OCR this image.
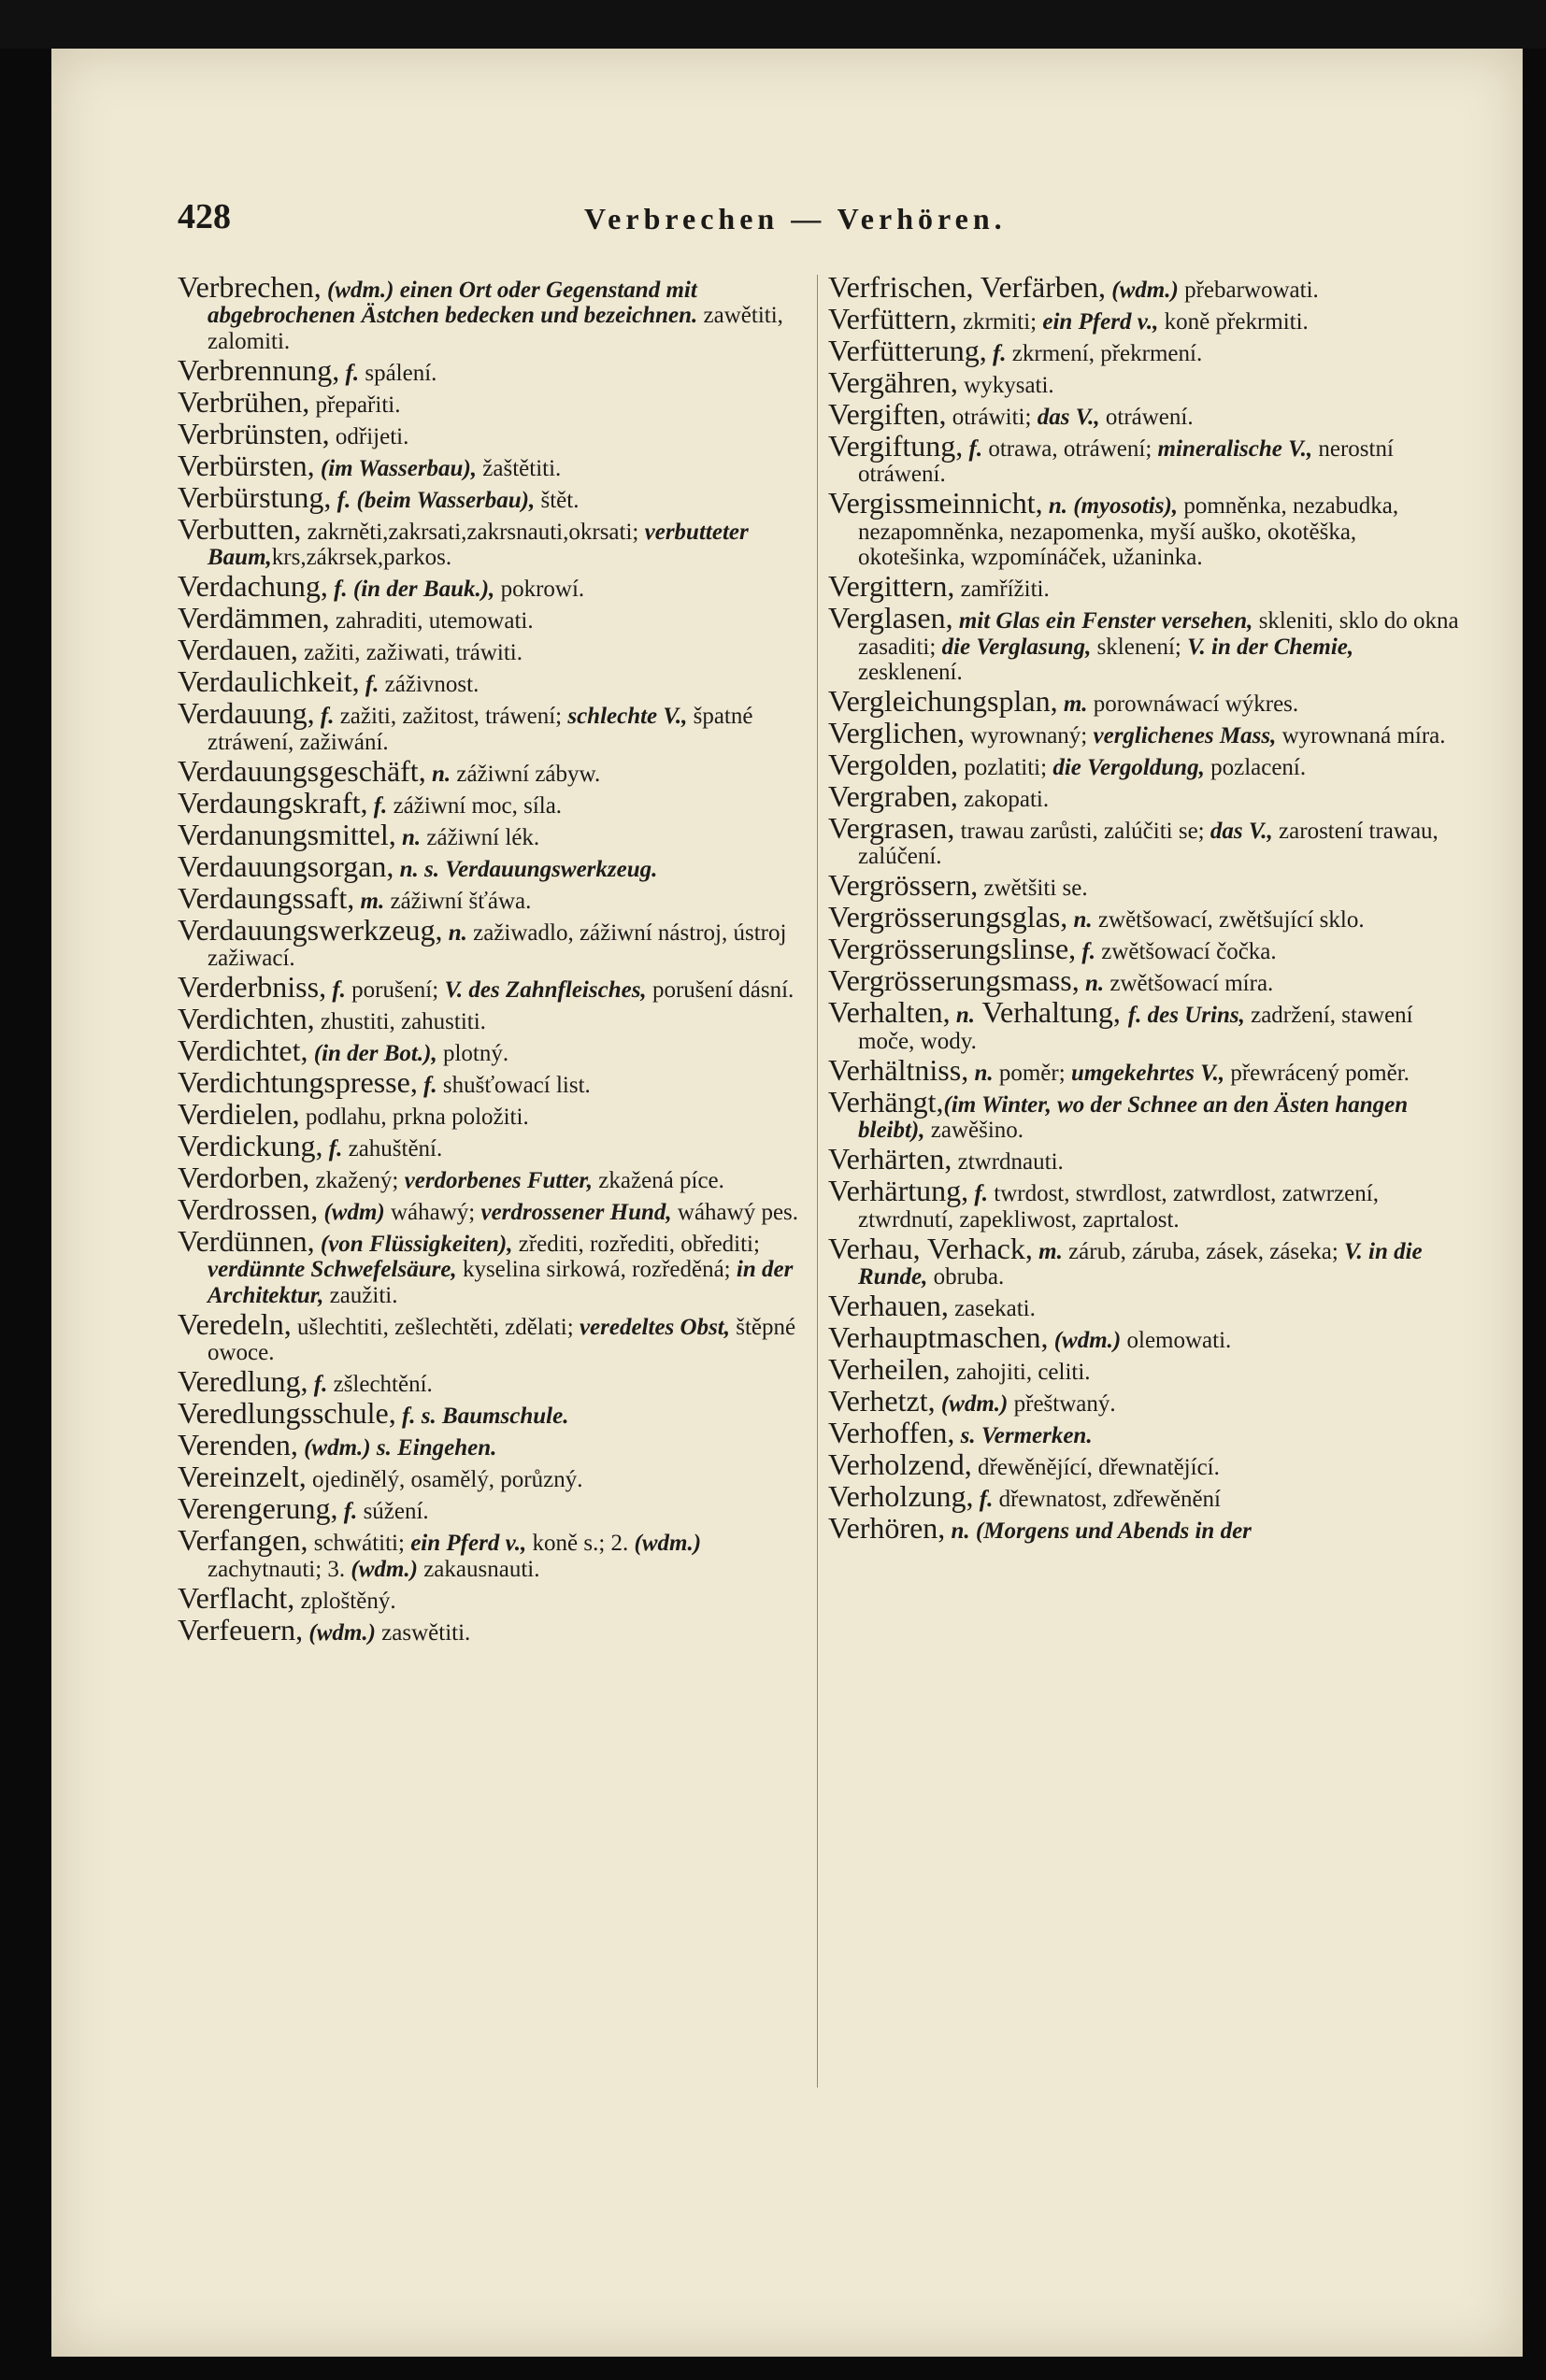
428	Verbrechen — Verhören.
Verbrechen, (wdm.) einen Ort oder Gegenstand mit abgebrochenen Ästchen bedecken und bezeichnen. zawětiti, zalomiti.
Verbrennung, f. spálení.
Verbrühen, přepařiti.
Verbrünsten, odřijeti.
Verbürsten, (im Wasserbau), žaštětiti.
Verbürstung, f. (beim Wasserbau), štět.
Verbutten, zakrněti,zakrsati,zakrsnauti,okrsati; verbutteter Baum,krs,zákrsek,parkos.
Verdachung, f. (in der Bauk.), pokrowí.
Verdämmen, zahraditi, utemowati.
Verdauen, zažiti, zažiwati, tráwiti.
Verdaulichkeit, f. záživnost.
Verdauung, f. zažiti, zažitost, tráwení; schlechte V., špatné ztráwení, zažiwání.
Verdauungsgeschäft, n. zážiwní zábyw.
Verdaungskraft, f. zážiwní moc, síla.
Verdanungsmittel, n. zážiwní lék.
Verdauungsorgan, n. s. Verdauungswerkzeug.
Verdaungssaft, m. zážiwní šťáwa.
Verdauungswerkzeug, n. zažiwadlo, zážiwní nástroj, ústroj zažiwací.
Verderbniss, f. porušení; V. des Zahnfleisches, porušení dásní.
Verdichten, zhustiti, zahustiti.
Verdichtet, (in der Bot.), plotný.
Verdichtungspresse, f. shušťowací list.
Verdielen, podlahu, prkna položiti.
Verdickung, f. zahuštění.
Verdorben, zkažený; verdorbenes Futter, zkažená píce.
Verdrossen, (wdm) wáhawý; verdrossener Hund, wáhawý pes.
Verdünnen, (von Flüssigkeiten), zřediti, rozřediti, obřediti; verdünnte Schwefelsäure, kyselina sirkowá, rozředěná; in der Architektur, zaužiti.
Veredeln, ušlechtiti, zešlechtěti, zdělati; veredeltes Obst, štěpné owoce.
Veredlung, f. zšlechtění.
Veredlungsschule, f. s. Baumschule.
Verenden, (wdm.) s. Eingehen.
Vereinzelt, ojedinělý, osamělý, porůzný.
Verengerung, f. súžení.
Verfangen, schwátiti; ein Pferd v., koně s.; 2. (wdm.) zachytnauti; 3. (wdm.) zakausnauti.
Verflacht, zploštěný.
Verfeuern, (wdm.) zaswětiti.
Verfrischen, Verfärben, (wdm.) přebarwowati.
Verfüttern, zkrmiti; ein Pferd v., koně překrmiti.
Verfütterung, f. zkrmení, překrmení.
Vergähren, wykysati.
Vergiften, otráwiti; das V., otráwení.
Vergiftung, f. otrawa, otráwení; mineralische V., nerostní otráwení.
Vergissmeinnicht, n. (myosotis), pomněnka, nezabudka, nezapomněnka, nezapomenka, myší auško, okotěška, okotešinka, wzpomínáček, užaninka.
Vergittern, zamřížiti.
Verglasen, mit Glas ein Fenster versehen, skleniti, sklo do okna zasaditi; die Verglasung, sklenení; V. in der Chemie, zesklenení.
Vergleichungsplan, m. porownáwací wýkres.
Verglichen, wyrownaný; verglichenes Mass, wyrownaná míra.
Vergolden, pozlatiti; die Vergoldung, pozlacení.
Vergraben, zakopati.
Vergrasen, trawau zarůsti, zalúčiti se; das V., zarostení trawau, zalúčení.
Vergrössern, zwětšiti se.
Vergrösserungsglas, n. zwětšowací, zwětšující sklo.
Vergrösserungslinse, f. zwětšowací čočka.
Vergrösserungsmass, n. zwětšowací míra.
Verhalten, n. Verhaltung, f. des Urins, zadržení, stawení moče, wody.
Verhältniss, n. poměr; umgekehrtes V., přewrácený poměr.
Verhängt,(im Winter, wo der Schnee an den Ästen hangen bleibt), zawěšino.
Verhärten, ztwrdnauti.
Verhärtung, f. twrdost, stwrdlost, zatwrdlost, zatwrzení, ztwrdnutí, zapekliwost, zaprtalost.
Verhau, Verhack, m. zárub, záruba, zásek, záseka; V. in die Runde, obruba.
Verhauen, zasekati.
Verhauptmaschen, (wdm.) olemowati.
Verheilen, zahojiti, celiti.
Verhetzt, (wdm.) přeštwaný.
Verhoffen, s. Vermerken.
Verholzend, dřewěnějící, dřewnatějící.
Verholzung, f. dřewnatost, zdřewěnění
Verhören, n. (Morgens und Abends in der
